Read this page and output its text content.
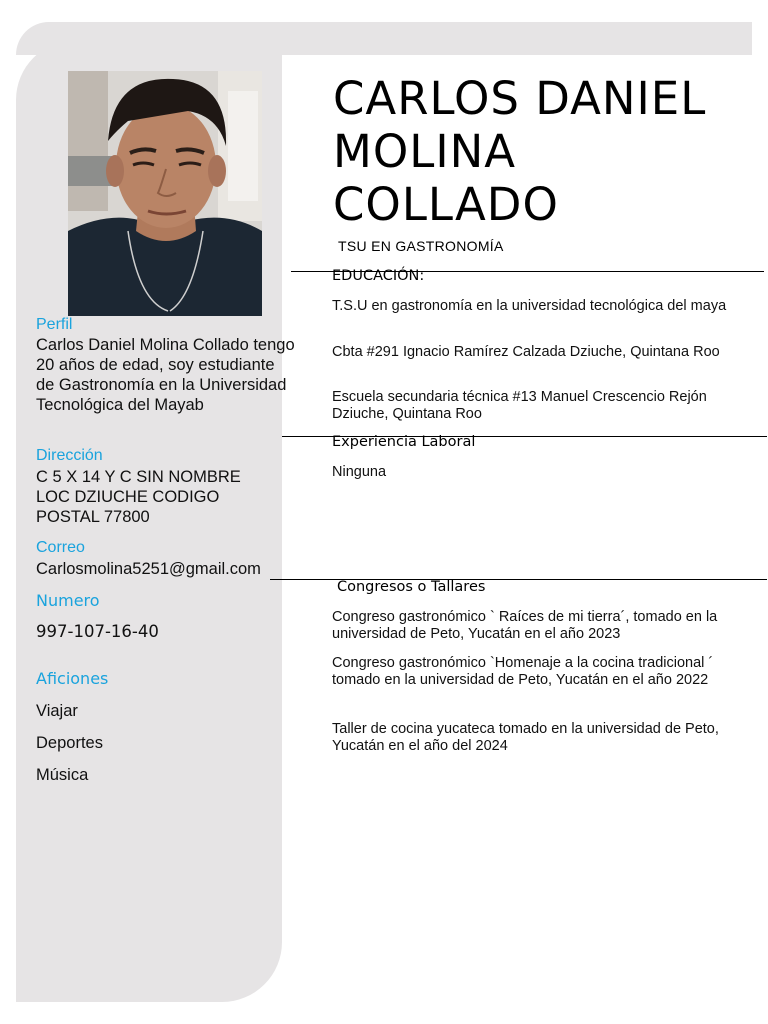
Perfil
Carlos Daniel Molina Collado tengo 20 años de edad, soy estudiante de Gastronomía en la Universidad Tecnológica del Mayab
Dirección
C 5 X 14 Y C SIN NOMBRE LOC DZIUCHE CODIGO POSTAL 77800
Correo
Carlosmolina5251@gmail.com
Numero
997-107-16-40
Aficiones
Viajar
Deportes
Música
CARLOS DANIEL
MOLINA
COLLADO
TSU EN GASTRONOMÍA
EDUCACIÓN:
T.S.U en gastronomía en la universidad tecnológica del maya
Cbta #291 Ignacio Ramírez Calzada Dziuche, Quintana Roo
Escuela secundaria técnica #13 Manuel Crescencio Rejón Dziuche, Quintana Roo
Experiencia Laboral
Ninguna
Congresos o Tallares
Congreso gastronómico ` Raíces de mi tierra´, tomado en la universidad de Peto, Yucatán en el año 2023
Congreso gastronómico `Homenaje a la cocina tradicional ´ tomado en la universidad de Peto, Yucatán en el año 2022
Taller de cocina yucateca tomado en la universidad de Peto, Yucatán en el año del 2024
